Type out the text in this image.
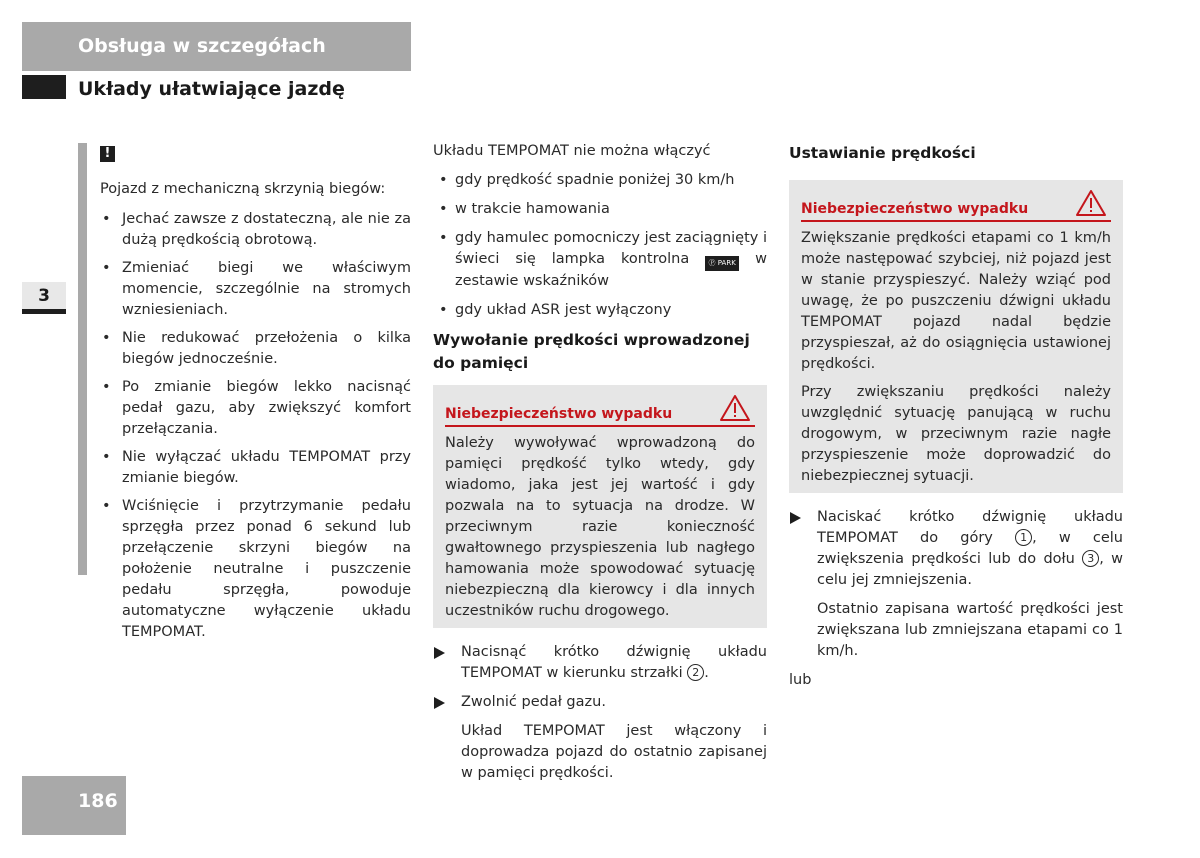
Obsługa w szczegółach
Układy ułatwiające jazdę
3
186
!

Pojazd z mechaniczną skrzynią biegów:

• Jechać zawsze z dostateczną, ale nie za dużą prędkością obrotową.
• Zmieniać biegi we właściwym momencie, szczególnie na stromych wzniesieniach.
• Nie redukować przełożenia o kilka biegów jednocześnie.
• Po zmianie biegów lekko nacisnąć pedał gazu, aby zwiększyć komfort przełączania.
• Nie wyłączać układu TEMPOMAT przy zmianie biegów.
• Wciśnięcie i przytrzymanie pedału sprzęgła przez ponad 6 sekund lub przełączenie skrzyni biegów na położenie neutralne i puszczenie pedału sprzęgła, powoduje automatyczne wyłączenie układu TEMPOMAT.

Układu TEMPOMAT nie można włączyć

• gdy prędkość spadnie poniżej 30 km/h
• w trakcie hamowania
• gdy hamulec pomocniczy jest zaciągnięty i świeci się lampka kontrolna	Ⓟ PARK w zestawie wskaźników
• gdy układ ASR jest wyłączony
Wywołanie prędkości wprowadzonej do pamięci
Niebezpieczeństwo wypadku

Należy wywoływać wprowadzoną do pamięci prędkość tylko wtedy, gdy wiadomo, jaka jest jej wartość i gdy pozwala na to sytuacja na drodze. W przeciwnym razie konieczność gwałtownego przyspieszenia lub nagłego hamowania może spowodować sytuację niebezpieczną dla kierowcy i dla innych uczestników ruchu drogowego.

Nacisnąć krótko dźwignię układu TEMPOMAT w kierunku strzałki 2 .
Zwolnić pedał gazu.

Układ TEMPOMAT jest włączony i doprowadza pojazd do ostatnio zapisanej w pamięci prędkości.

Ustawianie prędkości
Niebezpieczeństwo wypadku

Zwiększanie prędkości etapami co 1 km/h może następować szybciej, niż pojazd jest w stanie przyspieszyć. Należy wziąć pod uwagę, że po puszczeniu dźwigni układu TEMPOMAT pojazd nadal będzie przyspieszał, aż do osiągnięcia ustawionej prędkości.

Przy zwiększaniu prędkości należy uwzględnić sytuację panującą w ruchu drogowym, w przeciwnym razie nagłe przyspieszenie może doprowadzić do niebezpiecznej sytuacji.

Naciskać krótko dźwignię układu TEMPOMAT do góry 1 , w celu zwiększenia prędkości lub do dołu 3 , w celu jej zmniejszenia.

Ostatnio zapisana wartość prędkości jest zwiększana lub zmniejszana etapami co 1 km/h.

lub
